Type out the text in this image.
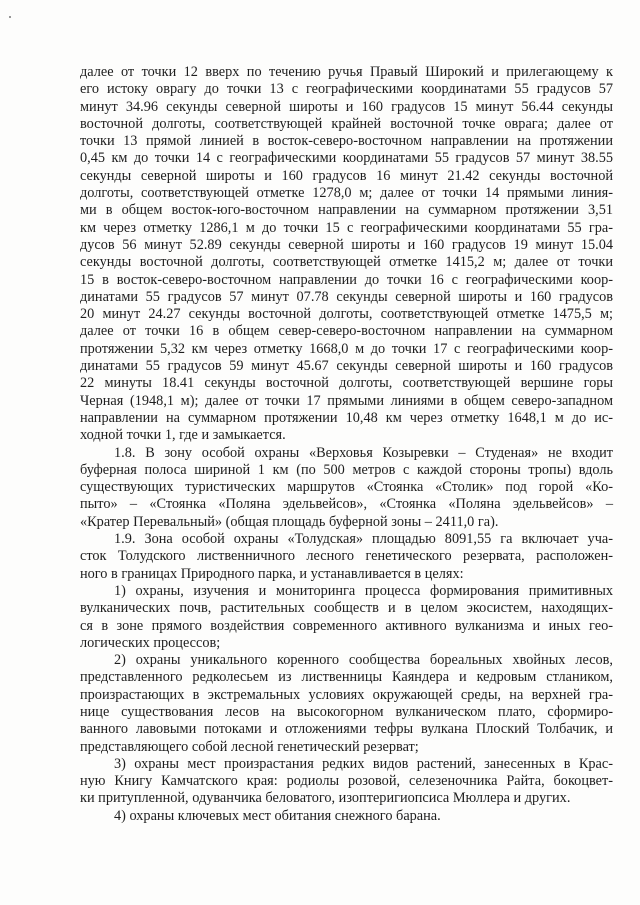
далее от точки 12 вверх по течению ручья Правый Широкий и прилегающему к
его истоку оврагу до точки 13 с географическими координатами 55 градусов 57
минут 34.96 секунды северной широты и 160 градусов 15 минут 56.44 секунды
восточной долготы, соответствующей крайней восточной точке оврага; далее от
точки 13 прямой линией в восток-северо-восточном направлении на протяжении
0,45 км до точки 14 с географическими координатами 55 градусов 57 минут 38.55
секунды северной широты и 160 градусов 16 минут 21.42 секунды восточной
долготы, соответствующей отметке 1278,0 м; далее от точки 14 прямыми линия-
ми в общем восток-юго-восточном направлении на суммарном протяжении 3,51
км через отметку 1286,1 м до точки 15 с географическими координатами 55 гра-
дусов 56 минут 52.89 секунды северной широты и 160 градусов 19 минут 15.04
секунды восточной долготы, соответствующей отметке 1415,2 м; далее от точки
15 в восток-северо-восточном направлении до точки 16 с географическими коор-
динатами 55 градусов 57 минут 07.78 секунды северной широты и 160 градусов
20 минут 24.27 секунды восточной долготы, соответствующей отметке 1475,5 м;
далее от точки 16 в общем север-северо-восточном направлении на суммарном
протяжении 5,32 км через отметку 1668,0 м до точки 17 с географическими коор-
динатами 55 градусов 59 минут 45.67 секунды северной широты и 160 градусов
22 минуты 18.41 секунды восточной долготы, соответствующей вершине горы
Черная (1948,1 м); далее от точки 17 прямыми линиями в общем северо-западном
направлении на суммарном протяжении 10,48 км через отметку 1648,1 м до ис-
ходной точки 1, где и замыкается.
1.8. В зону особой охраны «Верховья Козыревки – Студеная» не входит
буферная полоса шириной 1 км (по 500 метров с каждой стороны тропы) вдоль
существующих туристических маршрутов «Стоянка «Столик» под горой «Ко-
пыто» – «Стоянка «Поляна эдельвейсов», «Стоянка «Поляна эдельвейсов» –
«Кратер Перевальный» (общая площадь буферной зоны – 2411,0 га).
1.9. Зона особой охраны «Толудская» площадью 8091,55 га включает уча-
сток Толудского лиственничного лесного генетического резервата, расположен-
ного в границах Природного парка, и устанавливается в целях:
1) охраны, изучения и мониторинга процесса формирования примитивных
вулканических почв, растительных сообществ и в целом экосистем, находящих-
ся в зоне прямого воздействия современного активного вулканизма и иных гео-
логических процессов;
2) охраны уникального коренного сообщества бореальных хвойных лесов,
представленного редколесьем из лиственницы Каяндера и кедровым стлаником,
произрастающих в экстремальных условиях окружающей среды, на верхней гра-
нице существования лесов на высокогорном вулканическом плато, сформиро-
ванного лавовыми потоками и отложениями тефры вулкана Плоский Толбачик, и
представляющего собой лесной генетический резерват;
3) охраны мест произрастания редких видов растений, занесенных в Крас-
ную Книгу Камчатского края: родиолы розовой, селезеночника Райта, бокоцвет-
ки притупленной, одуванчика беловатого, изоптеригиопсиса Мюллера и других.
4) охраны ключевых мест обитания снежного барана.
